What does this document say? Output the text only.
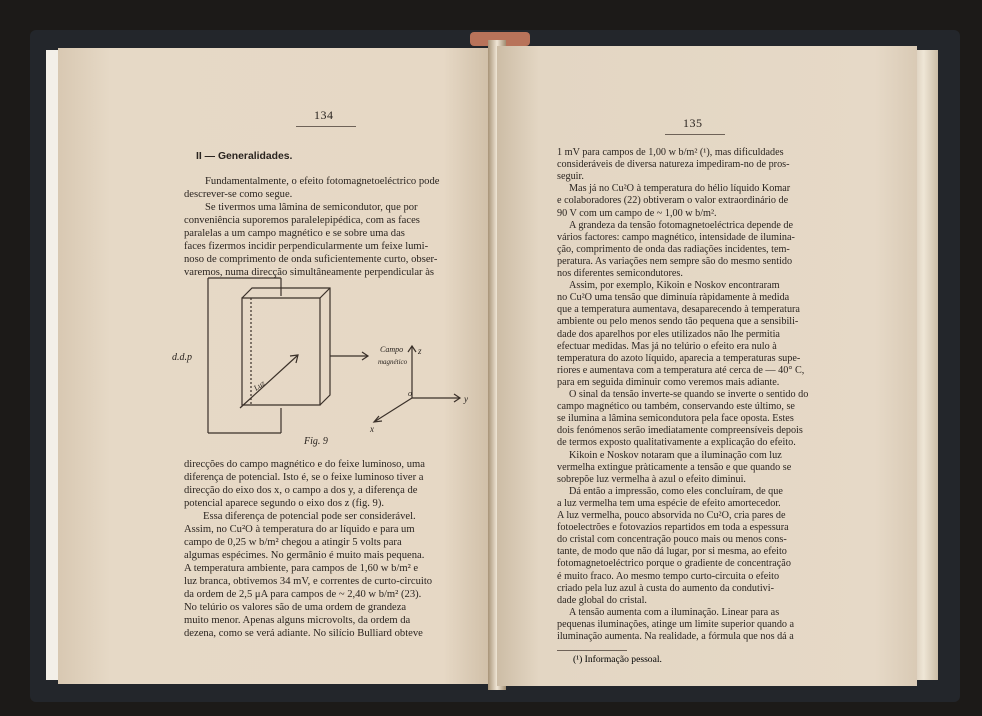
134
II — Generalidades.
Fundamentalmente, o efeito fotomagnetoeléctrico pode
descrever-se como segue.
Se tivermos uma lâmina de semicondutor, que por
conveniência suporemos paralelepipédica, com as faces
paralelas a um campo magnético e se sobre uma das
faces fizermos incidir perpendicularmente um feixe lumi-
noso de comprimento de onda suficientemente curto, obser-
varemos, numa direcção simultâneamente perpendicular às
d.d.p
Luz
Campo
magnético
z
y
x
o
Fig. 9
direcções do campo magnético e do feixe luminoso, uma
diferença de potencial. Isto é, se o feixe luminoso tiver a
direcção do eixo dos x, o campo a dos y, a diferença de
potencial aparece segundo o eixo dos z (fig. 9).
Essa diferença de potencial pode ser considerável.
Assim, no Cu²O à temperatura do ar líquido e para um
campo de 0,25 w b/m² chegou a atingir 5 volts para
algumas espécimes. No germânio é muito mais pequena.
A temperatura ambiente, para campos de 1,60 w b/m² e
luz branca, obtivemos 34 mV, e correntes de curto-circuito
da ordem de 2,5 μA para campos de ~ 2,40 w b/m² (23).
No telúrio os valores são de uma ordem de grandeza
muito menor. Apenas alguns microvolts, da ordem da
dezena, como se verá adiante. No silício Bulliard obteve
135
1 mV para campos de 1,00 w b/m² (¹), mas dificuldades
consideráveis de diversa natureza impediram-no de pros-
seguir.
Mas já no Cu²O à temperatura do hélio líquido Komar
e colaboradores (22) obtiveram o valor extraordinário de
90 V com um campo de ~ 1,00 w b/m².
A grandeza da tensão fotomagnetoeléctrica depende de
vários factores: campo magnético, intensidade de ilumina-
ção, comprimento de onda das radiações incidentes, tem-
peratura. As variações nem sempre são do mesmo sentido
nos diferentes semicondutores.
Assim, por exemplo, Kikoin e Noskov encontraram
no Cu²O uma tensão que diminuía ràpidamente à medida
que a temperatura aumentava, desaparecendo à temperatura
ambiente ou pelo menos sendo tão pequena que a sensibili-
dade dos aparelhos por eles utilizados não lhe permitia
efectuar medidas. Mas já no telúrio o efeito era nulo à
temperatura do azoto líquido, aparecia a temperaturas supe-
riores e aumentava com a temperatura até cerca de — 40° C,
para em seguida diminuir como veremos mais adiante.
O sinal da tensão inverte-se quando se inverte o sentido do
campo magnético ou também, conservando este último, se
se ilumina a lâmina semicondutora pela face oposta. Estes
dois fenómenos serão imediatamente compreensíveis depois
de termos exposto qualitativamente a explicação do efeito.
Kikoin e Noskov notaram que a iluminação com luz
vermelha extingue pràticamente a tensão e que quando se
sobrepõe luz vermelha à azul o efeito diminui.
Dá então a impressão, como eles concluíram, de que
a luz vermelha tem uma espécie de efeito amortecedor.
A luz vermelha, pouco absorvida no Cu²O, cria pares de
fotoelectrões e fotovazios repartidos em toda a espessura
do cristal com concentração pouco mais ou menos cons-
tante, de modo que não dá lugar, por si mesma, ao efeito
fotomagnetoeléctrico porque o gradiente de concentração
é muito fraco. Ao mesmo tempo curto-circuita o efeito
criado pela luz azul à custa do aumento da condutivi-
dade global do cristal.
A tensão aumenta com a iluminação. Linear para as
pequenas iluminações, atinge um limite superior quando a
iluminação aumenta. Na realidade, a fórmula que nos dá a
(¹) Informação pessoal.
